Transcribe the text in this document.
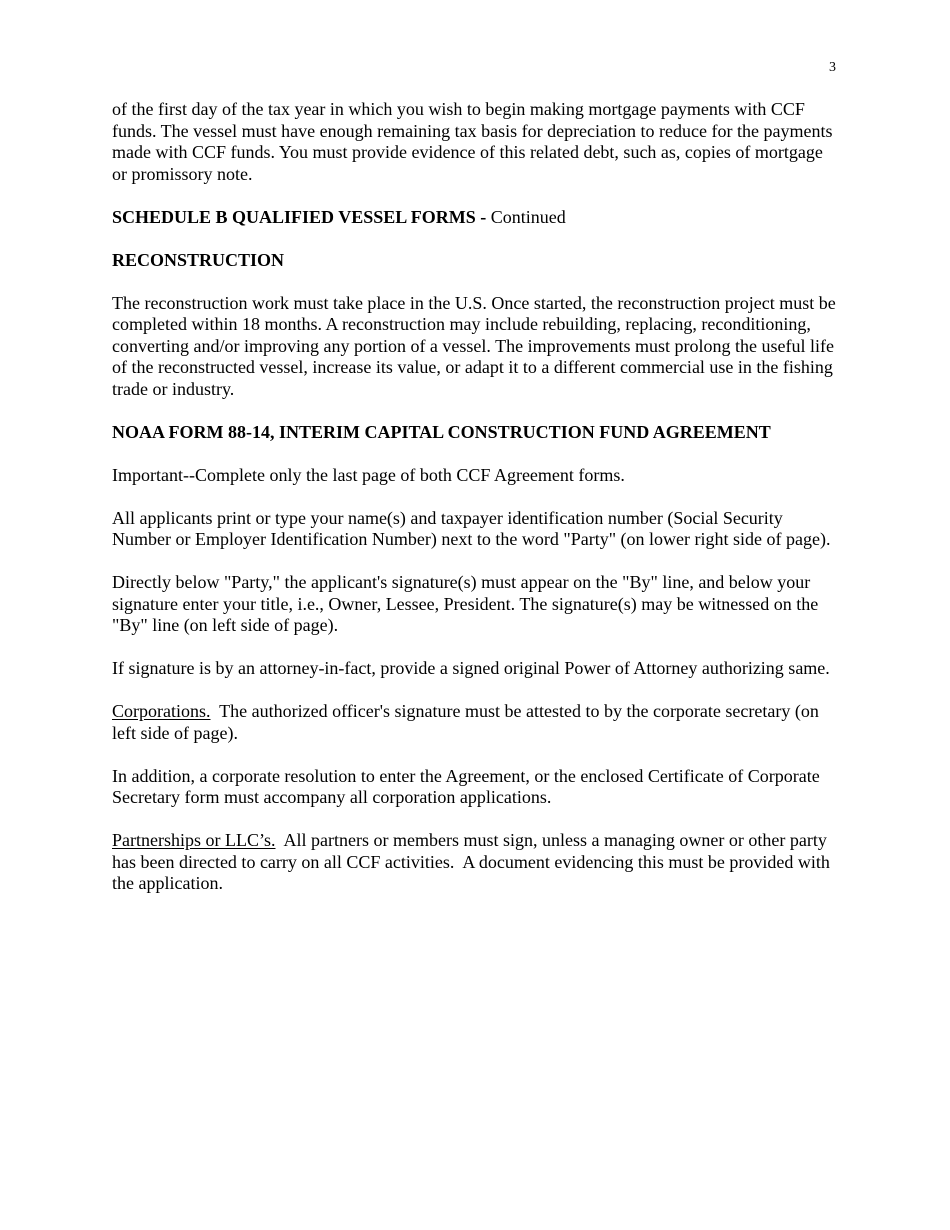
3

of the first day of the tax year in which you wish to begin making mortgage payments with CCF funds. The vessel must have enough remaining tax basis for depreciation to reduce for the payments made with CCF funds. You must provide evidence of this related debt, such as, copies of mortgage or promissory note.

SCHEDULE B QUALIFIED VESSEL FORMS - Continued

RECONSTRUCTION

The reconstruction work must take place in the U.S. Once started, the reconstruction project must be completed within 18 months. A reconstruction may include rebuilding, replacing, reconditioning, converting and/or improving any portion of a vessel. The improvements must prolong the useful life of the reconstructed vessel, increase its value, or adapt it to a different commercial use in the fishing trade or industry.

NOAA FORM 88-14, INTERIM CAPITAL CONSTRUCTION FUND AGREEMENT

Important--Complete only the last page of both CCF Agreement forms.

All applicants print or type your name(s) and taxpayer identification number (Social Security Number or Employer Identification Number) next to the word "Party" (on lower right side of page).

Directly below "Party," the applicant's signature(s) must appear on the "By" line, and below your signature enter your title, i.e., Owner, Lessee, President. The signature(s) may be witnessed on the "By" line (on left side of page).

If signature is by an attorney-in-fact, provide a signed original Power of Attorney authorizing same.

Corporations.  The authorized officer's signature must be attested to by the corporate secretary (on left side of page).

In addition, a corporate resolution to enter the Agreement, or the enclosed Certificate of Corporate Secretary form must accompany all corporation applications.

Partnerships or LLC’s.  All partners or members must sign, unless a managing owner or other party has been directed to carry on all CCF activities.  A document evidencing this must be provided with the application.
